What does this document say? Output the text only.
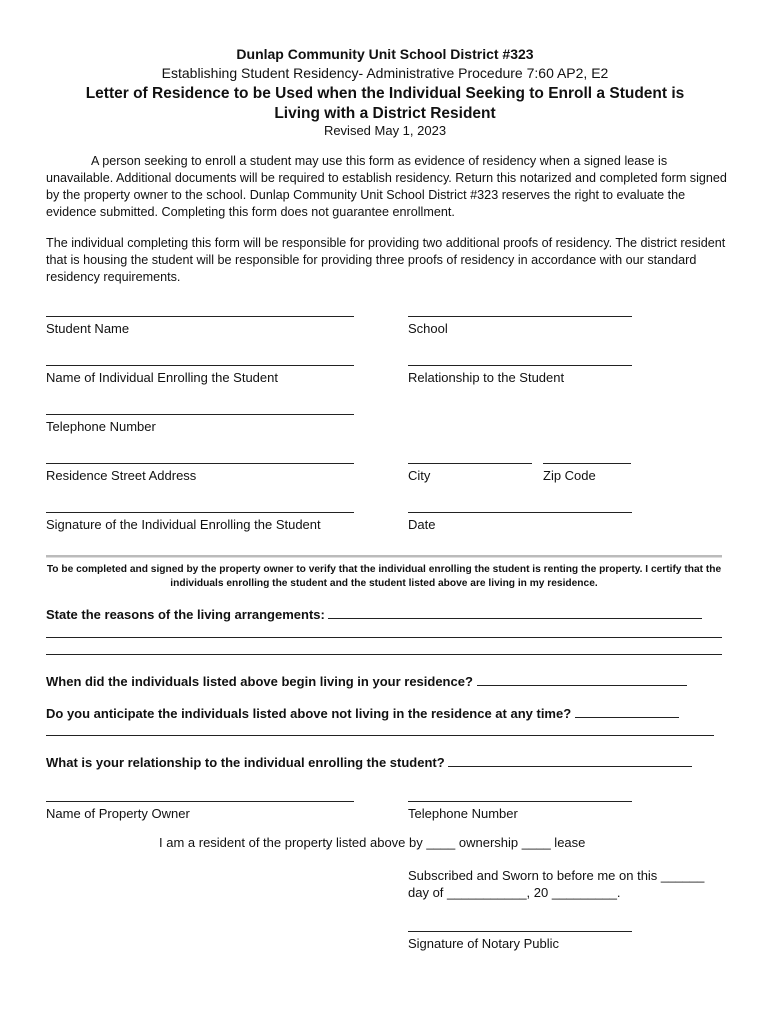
Dunlap Community Unit School District #323
Establishing Student Residency- Administrative Procedure 7:60 AP2, E2
Letter of Residence to be Used when the Individual Seeking to Enroll a Student is
Living with a District Resident
Revised May 1, 2023

A person seeking to enroll a student may use this form as evidence of residency when a signed lease is unavailable. Additional documents will be required to establish residency. Return this notarized and completed form signed by the property owner to the school. Dunlap Community Unit School District #323 reserves the right to evaluate the evidence submitted. Completing this form does not guarantee enrollment.

The individual completing this form will be responsible for providing two additional proofs of residency. The district resident that is housing the student will be responsible for providing three proofs of residency in accordance with our standard residency requirements.

Student Name	School
Name of Individual Enrolling the Student	Relationship to the Student
Telephone Number
Residence Street Address	City	Zip Code
Signature of the Individual Enrolling the Student	Date
To be completed and signed by the property owner to verify that the individual enrolling the student is renting the property. I certify that the individuals enrolling the student and the student listed above are living in my residence.
State the reasons of the living arrangements:
When did the individuals listed above begin living in your residence?
Do you anticipate the individuals listed above not living in the residence at any time?
What is your relationship to the individual enrolling the student?
Name of Property Owner	Telephone Number
I am a resident of the property listed above by ____ ownership ____ lease
Subscribed and Sworn to before me on this ______
day of ___________, 20 _________.
Signature of Notary Public
